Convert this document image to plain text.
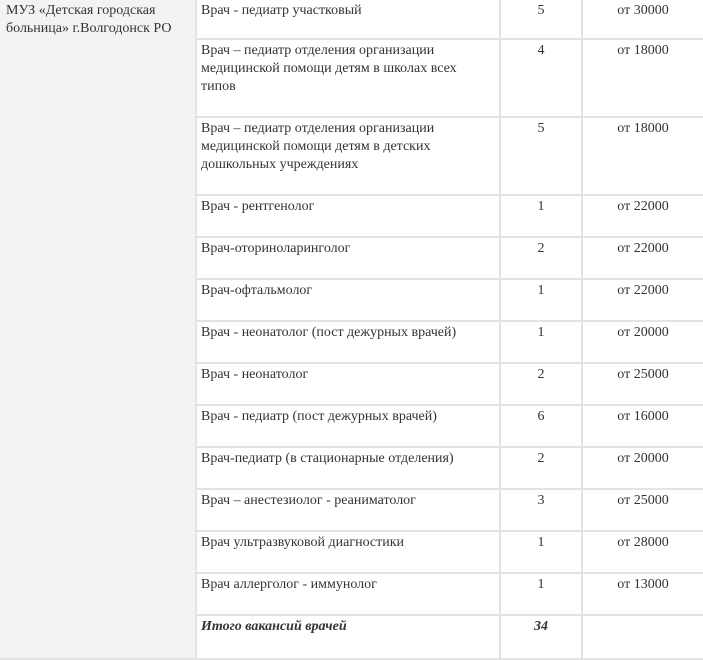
МУЗ «Детская городская больница» г.Волгодонск РО	Врач - педиатр участковый	5	от 30000
	Врач – педиатр отделения организации медицинской помощи детям в школах всех типов	4	от 18000
	Врач – педиатр отделения организации медицинской помощи детям в детских дошкольных учреждениях	5	от 18000
	Врач - рентгенолог	1	от 22000
	Врач-оториноларинголог	2	от 22000
	Врач-офтальмолог	1	от 22000
	Врач - неонатолог (пост дежурных врачей)	1	от 20000
	Врач - неонатолог	2	от 25000
	Врач - педиатр (пост дежурных врачей)	6	от 16000
	Врач-педиатр (в стационарные отделения)	2	от 20000
	Врач – анестезиолог - реаниматолог	3	от 25000
	Врач ультразвуковой диагностики	1	от 28000
	Врач аллерголог - иммунолог	1	от 13000
	Итого вакансий врачей	34	
